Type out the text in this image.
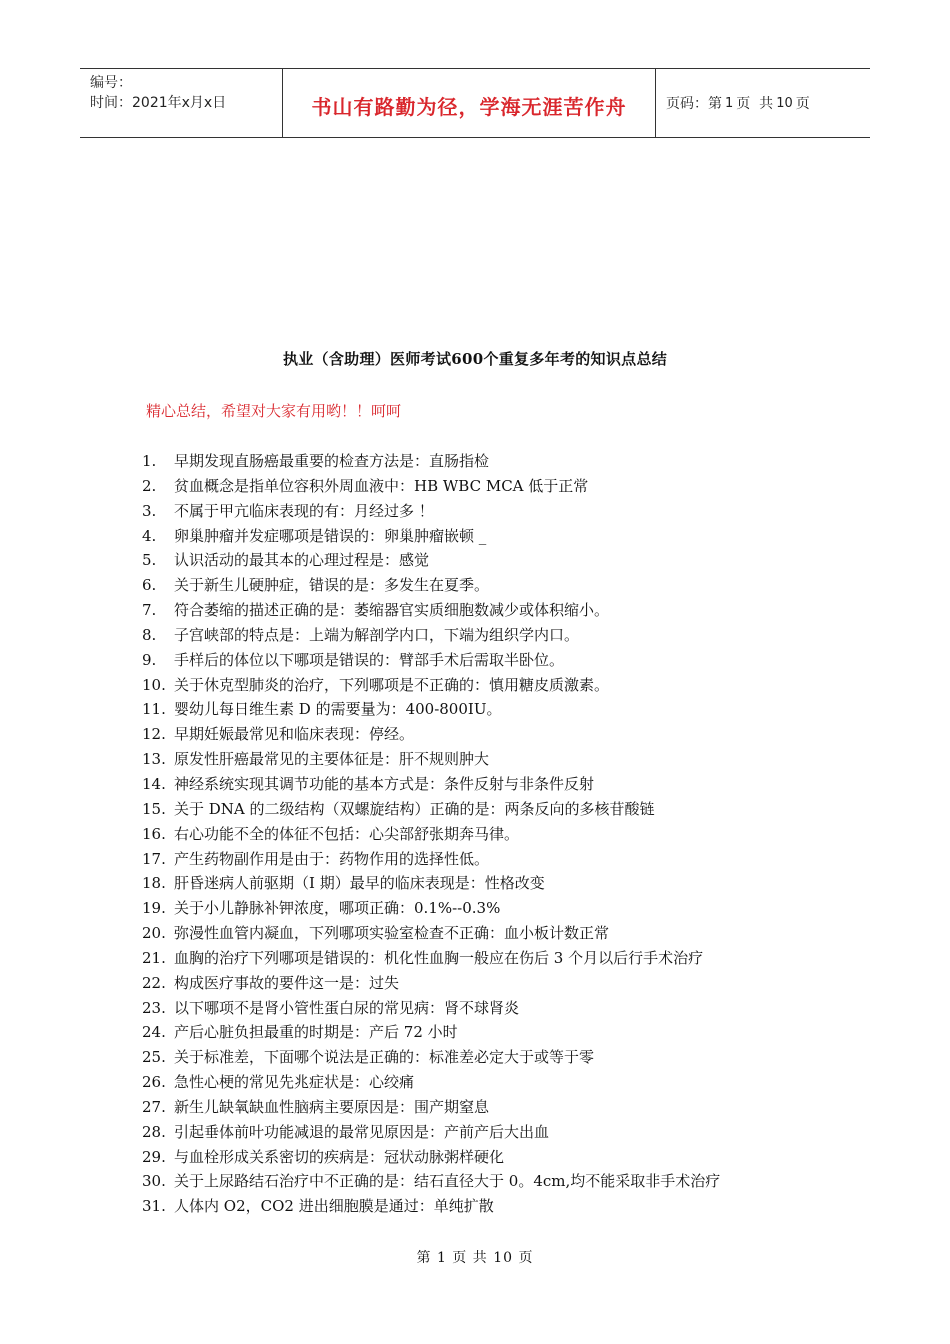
编号：
时间：2021年x月x日	书山有路勤为径，学海无涯苦作舟	页码：第 1 页  共 10 页
执业（含助理）医师考试600个重复多年考的知识点总结
精心总结，希望对大家有用哟！！呵呵
1.	早期发现直肠癌最重要的检查方法是：直肠指检
2.	贫血概念是指单位容积外周血液中：HB WBC MCA 低于正常
3.	不属于甲亢临床表现的有：月经过多 ！
4.	卵巢肿瘤并发症哪项是错误的：卵巢肿瘤嵌顿 _
5.	认识活动的最其本的心理过程是：感觉
6.	关于新生儿硬肿症，错误的是：多发生在夏季。
7.	符合萎缩的描述正确的是：萎缩器官实质细胞数减少或体积缩小。
8.	子宫峡部的特点是：上端为解剖学内口，下端为组织学内口。
9.	手样后的体位以下哪项是错误的：臂部手术后需取半卧位。
10. 关于休克型肺炎的治疗，下列哪项是不正确的：慎用糖皮质激素。
11. 婴幼儿每日维生素 D 的需要量为：400-800IU。
12. 早期妊娠最常见和临床表现：停经。
13. 原发性肝癌最常见的主要体征是：肝不规则肿大
14. 神经系统实现其调节功能的基本方式是：条件反射与非条件反射
15. 关于 DNA 的二级结构（双螺旋结构）正确的是：两条反向的多核苷酸链
16. 右心功能不全的体征不包括：心尖部舒张期奔马律。
17. 产生药物副作用是由于：药物作用的选择性低。
18. 肝昏迷病人前驱期（I 期）最早的临床表现是：性格改变
19. 关于小儿静脉补钾浓度，哪项正确：0.1%--0.3%
20. 弥漫性血管内凝血，下列哪项实验室检查不正确：血小板计数正常
21. 血胸的治疗下列哪项是错误的：机化性血胸一般应在伤后 3 个月以后行手术治疗
22. 构成医疗事故的要件这一是：过失
23. 以下哪项不是肾小管性蛋白尿的常见病：肾不球肾炎
24. 产后心脏负担最重的时期是：产后 72 小时
25. 关于标准差，下面哪个说法是正确的：标准差必定大于或等于零
26. 急性心梗的常见先兆症状是：心绞痛
27. 新生儿缺氧缺血性脑病主要原因是：围产期窒息
28. 引起垂体前叶功能减退的最常见原因是：产前产后大出血
29. 与血栓形成关系密切的疾病是：冠状动脉粥样硬化
30. 关于上尿路结石治疗中不正确的是：结石直径大于 0。4cm,均不能采取非手术治疗
31. 人体内 O2，CO2 进出细胞膜是通过：单纯扩散
第 1 页 共 10 页
